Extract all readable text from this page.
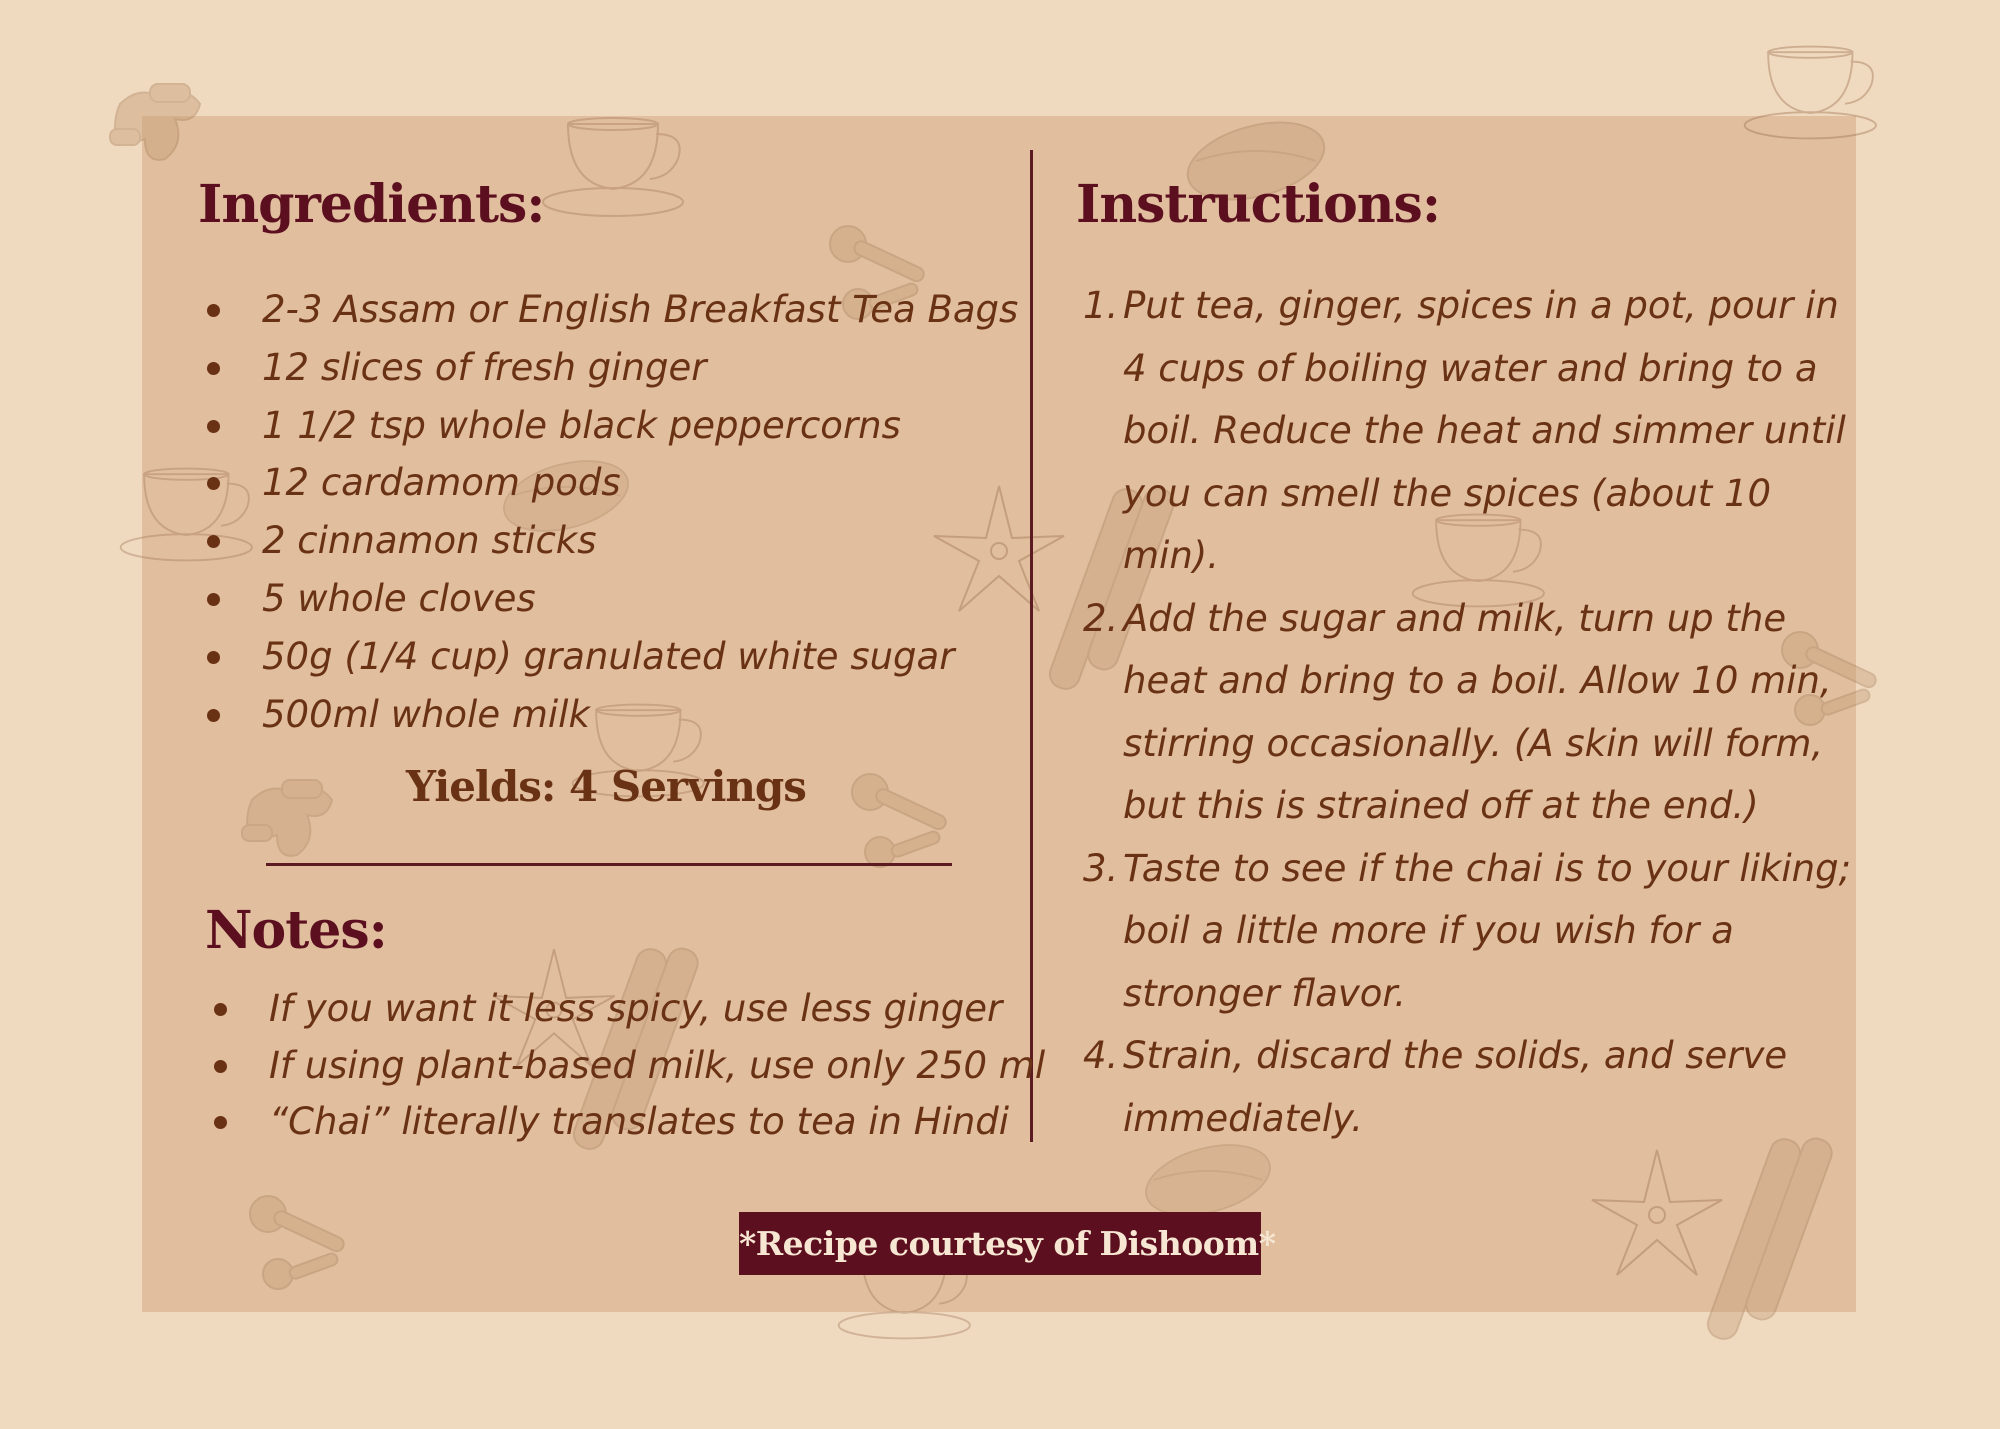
Ingredients:
2-3 Assam or English Breakfast Tea Bags
12 slices of fresh ginger
1 1/2 tsp whole black peppercorns
12 cardamom pods
2 cinnamon sticks
5 whole cloves
50g (1/4 cup) granulated white sugar
500ml whole milk
Yields: 4 Servings
Notes:
If you want it less spicy, use less ginger
If using plant-based milk, use only 250 ml
“Chai” literally translates to tea in Hindi
Instructions:
1. Put tea, ginger, spices in a pot, pour in 4 cups of boiling water and bring to a boil. Reduce the heat and simmer until you can smell the spices (about 10 min).
2. Add the sugar and milk, turn up the heat and bring to a boil. Allow 10 min, stirring occasionally. (A skin will form, but this is strained off at the end.)
3. Taste to see if the chai is to your liking; boil a little more if you wish for a stronger flavor.
4. Strain, discard the solids, and serve immediately.
*Recipe courtesy of Dishoom*
